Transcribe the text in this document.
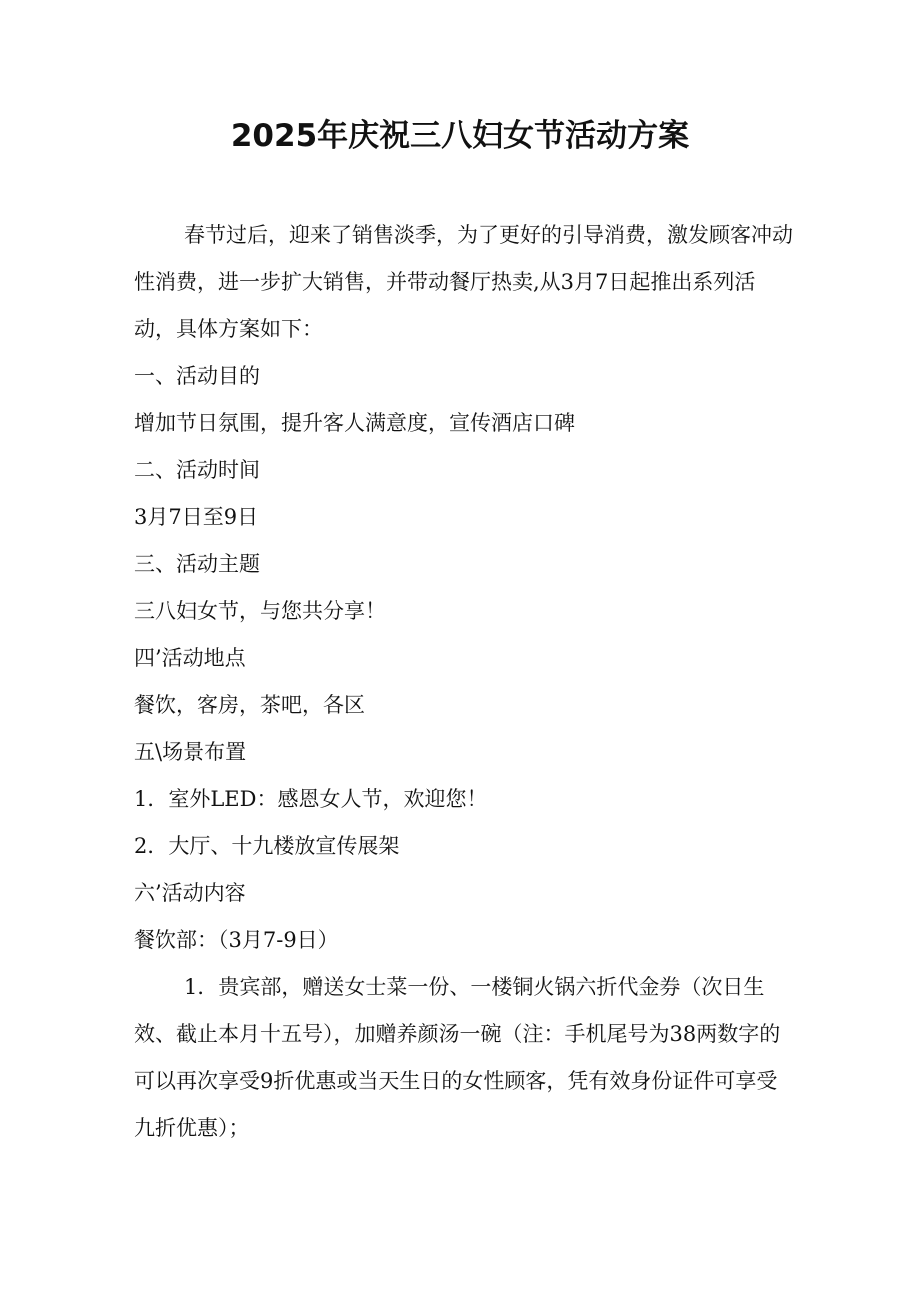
2025年庆祝三八妇女节活动方案

春节过后，迎来了销售淡季，为了更好的引导消费，激发顾客冲动性消费，进一步扩大销售，并带动餐厅热卖,从3月7日起推出系列活动，具体方案如下：

一、活动目的

增加节日氛围，提升客人满意度，宣传酒店口碑

二、活动时间

3月7日至9日

三、活动主题

三八妇女节，与您共分享！

四’活动地点

餐饮，客房，茶吧，各区

五\场景布置

1．室外LED：感恩女人节，欢迎您！

2．大厅、十九楼放宣传展架

六’活动内容

餐饮部：（3月7-9日）

1．贵宾部，赠送女士菜一份、一楼铜火锅六折代金券（次日生效、截止本月十五号），加赠养颜汤一碗（注：手机尾号为38两数字的可以再次享受9折优惠或当天生日的女性顾客，凭有效身份证件可享受九折优惠）；
